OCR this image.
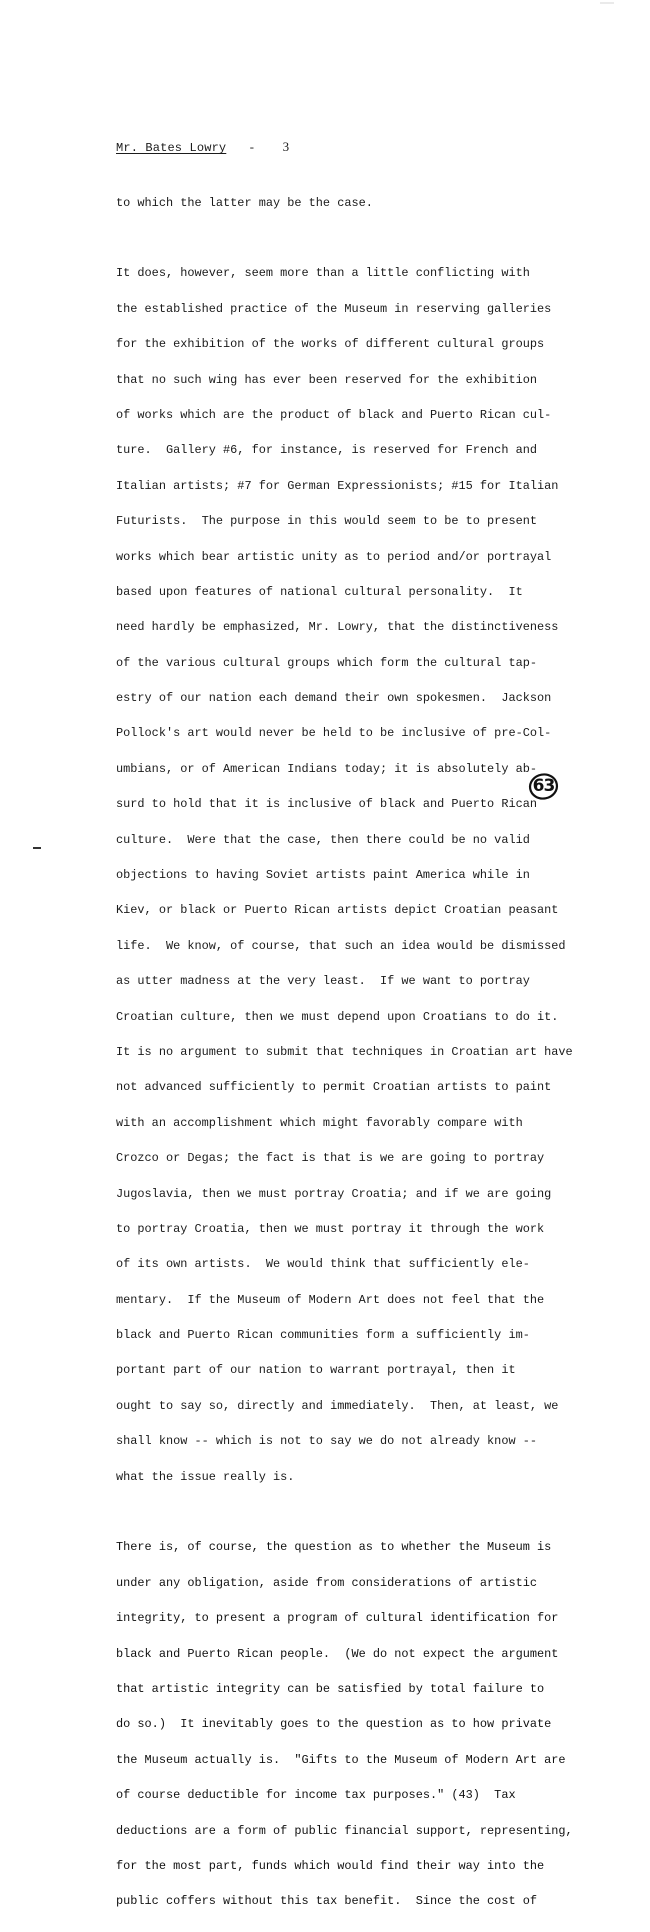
Mr. Bates Lowry - 3

to which the latter may be the case.

It does, however, seem more than a little conflicting with

the established practice of the Museum in reserving galleries

for the exhibition of the works of different cultural groups

that no such wing has ever been reserved for the exhibition

of works which are the product of black and Puerto Rican cul-

ture.  Gallery #6, for instance, is reserved for French and

Italian artists; #7 for German Expressionists; #15 for Italian

Futurists.  The purpose in this would seem to be to present

works which bear artistic unity as to period and/or portrayal

based upon features of national cultural personality.  It

need hardly be emphasized, Mr. Lowry, that the distinctiveness

of the various cultural groups which form the cultural tap-

estry of our nation each demand their own spokesmen.  Jackson

Pollock's art would never be held to be inclusive of pre-Col-

umbians, or of American Indians today; it is absolutely ab-

surd to hold that it is inclusive of black and Puerto Rican

culture.  Were that the case, then there could be no valid

objections to having Soviet artists paint America while in

Kiev, or black or Puerto Rican artists depict Croatian peasant

life.  We know, of course, that such an idea would be dismissed

as utter madness at the very least.  If we want to portray

Croatian culture, then we must depend upon Croatians to do it.

It is no argument to submit that techniques in Croatian art have

not advanced sufficiently to permit Croatian artists to paint

with an accomplishment which might favorably compare with

Crozco or Degas; the fact is that is we are going to portray

Jugoslavia, then we must portray Croatia; and if we are going

to portray Croatia, then we must portray it through the work

of its own artists.  We would think that sufficiently ele-

mentary.  If the Museum of Modern Art does not feel that the

black and Puerto Rican communities form a sufficiently im-

portant part of our nation to warrant portrayal, then it

ought to say so, directly and immediately.  Then, at least, we

shall know -- which is not to say we do not already know --

what the issue really is.

There is, of course, the question as to whether the Museum is

under any obligation, aside from considerations of artistic

integrity, to present a program of cultural identification for

black and Puerto Rican people.  (We do not expect the argument

that artistic integrity can be satisfied by total failure to

do so.)  It inevitably goes to the question as to how private

the Museum actually is.  "Gifts to the Museum of Modern Art are

of course deductible for income tax purposes." (43)  Tax

deductions are a form of public financial support, representing,

for the most part, funds which would find their way into the

public coffers without this tax benefit.  Since the cost of

63
